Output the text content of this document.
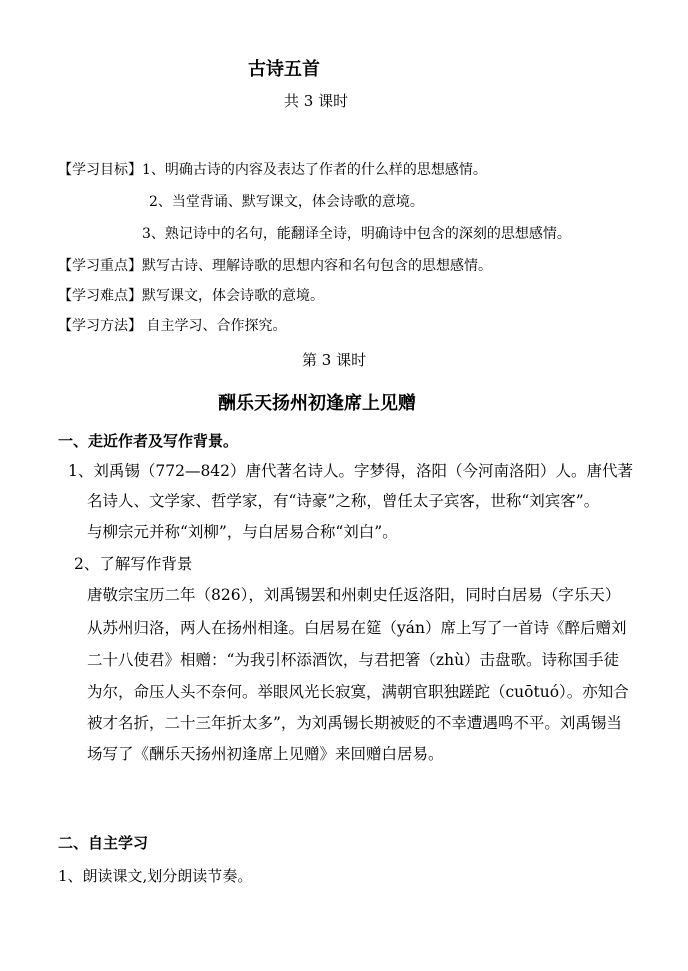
古诗五首
共 3 课时
【学习目标】1、明确古诗的内容及表达了作者的什么样的思想感情。
2、当堂背诵、默写课文，体会诗歌的意境。
3、熟记诗中的名句，能翻译全诗，明确诗中包含的深刻的思想感情。
【学习重点】默写古诗、理解诗歌的思想内容和名句包含的思想感情。
【学习难点】默写课文，体会诗歌的意境。
【学习方法】 自主学习、合作探究。
第 3 课时
酬乐天扬州初逢席上见赠
一、走近作者及写作背景。
1、刘禹锡（772—842）唐代著名诗人。字梦得，洛阳（今河南洛阳）人。唐代著
名诗人、文学家、哲学家，有“诗豪”之称，曾任太子宾客，世称“刘宾客”。
与柳宗元并称“刘柳”，与白居易合称“刘白”。
2、了解写作背景
唐敬宗宝历二年（826），刘禹锡罢和州刺史任返洛阳，同时白居易（字乐天）
从苏州归洛，两人在扬州相逢。白居易在筵（yán）席上写了一首诗《醉后赠刘
二十八使君》相赠：“为我引杯添酒饮，与君把箸（zhù）击盘歌。诗称国手徒
为尔，命压人头不奈何。举眼风光长寂寞，满朝官职独蹉跎（cuōtuó）。亦知合
被才名折，二十三年折太多”，为刘禹锡长期被贬的不幸遭遇鸣不平。刘禹锡当
场写了《酬乐天扬州初逢席上见赠》来回赠白居易。
二、自主学习
1、朗读课文,划分朗读节奏。
